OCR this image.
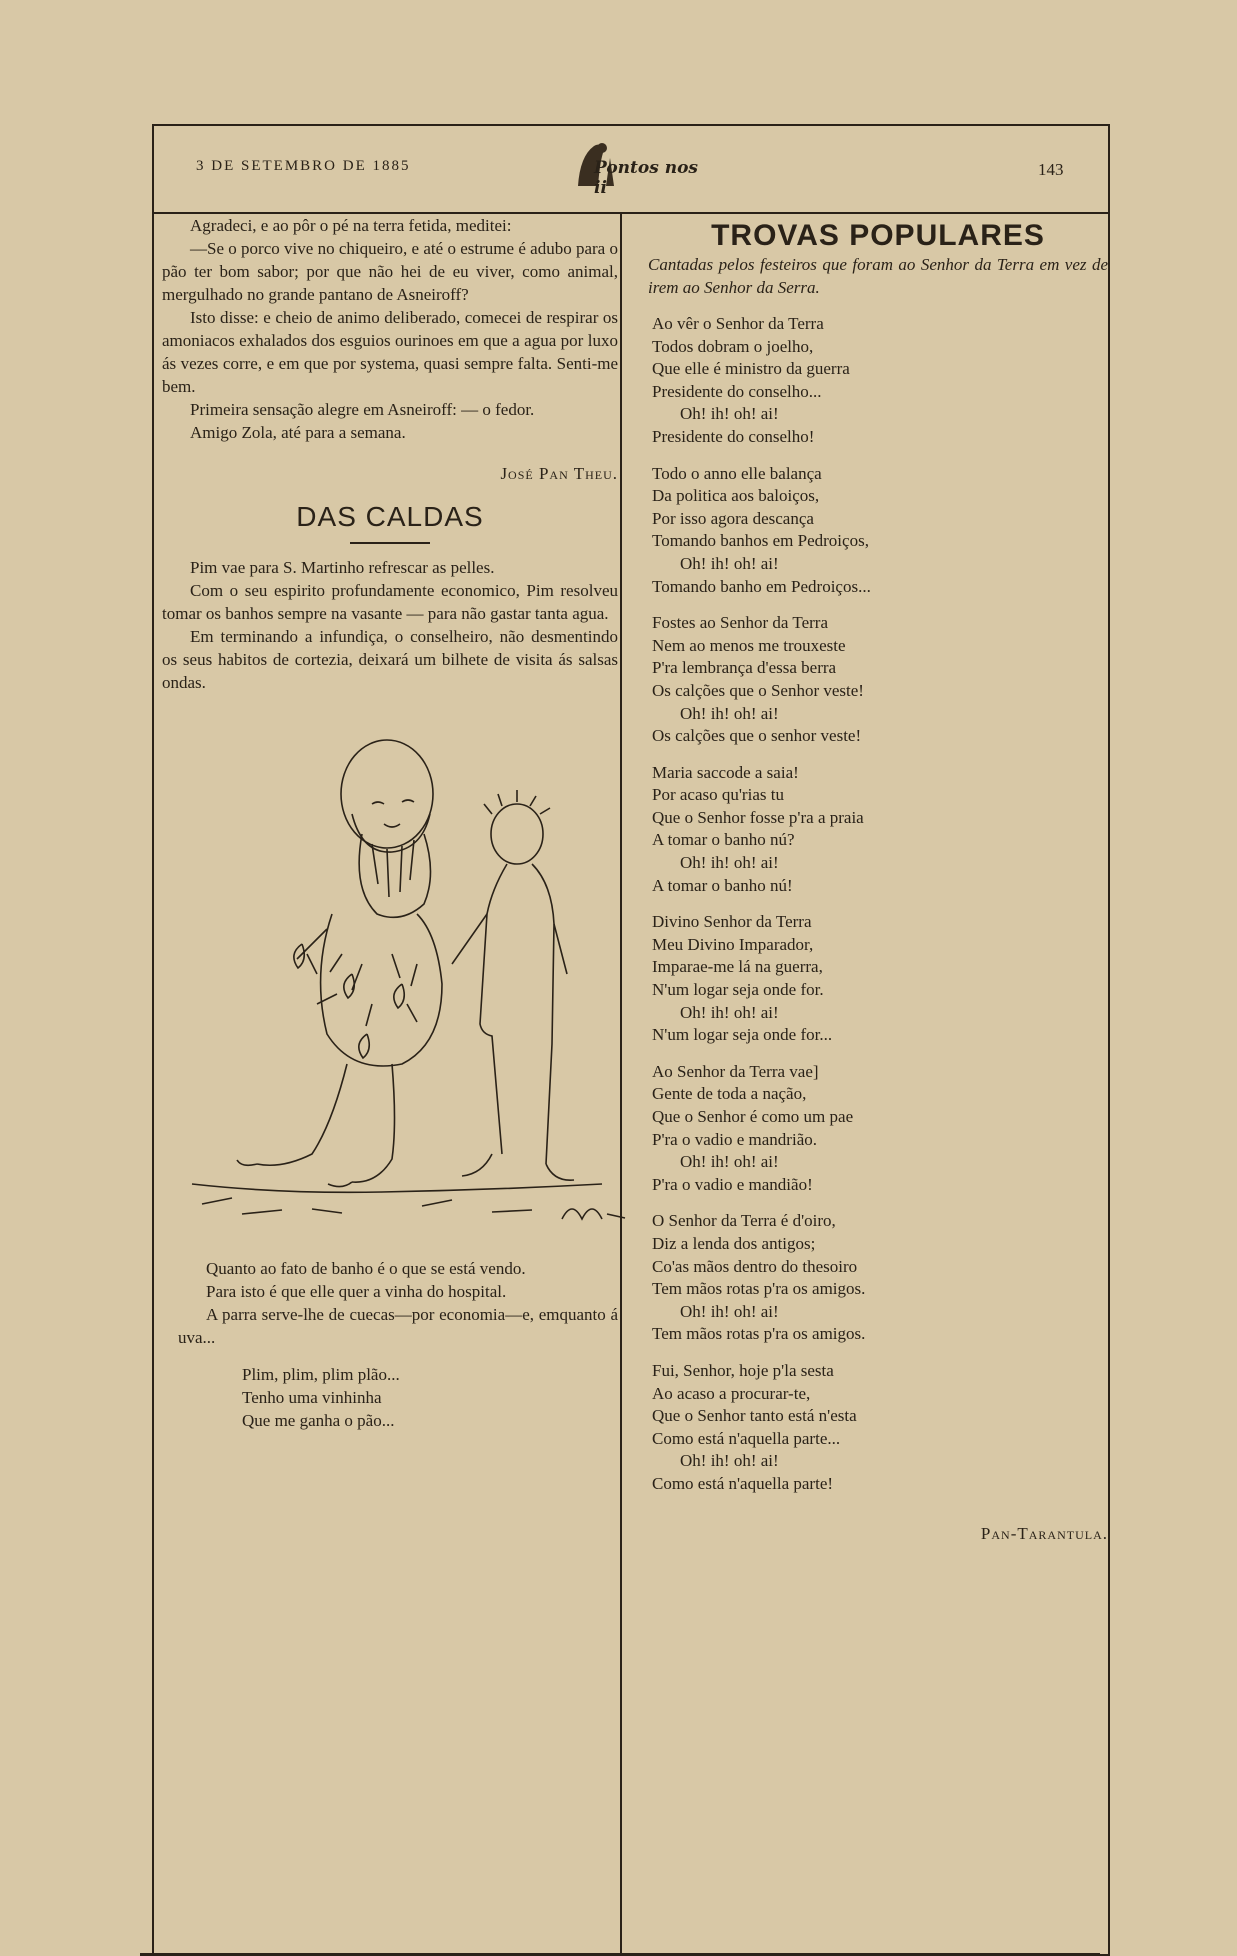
3 DE SETEMBRO DE 1885	Pontos nos ii
143

Agradeci, e ao pôr o pé na terra fetida, meditei:

—Se o porco vive no chiqueiro, e até o estrume é adubo para o pão ter bom sabor; por que não hei de eu viver, como animal, mergulhado no grande pantano de Asneiroff?

Isto disse: e cheio de animo deliberado, comecei de respirar os amoniacos exhalados dos esguios ourinoes em que a agua por luxo ás vezes corre, e em que por systema, quasi sempre falta. Senti-me bem.

Primeira sensação alegre em Asneiroff: — o fedor.

Amigo Zola, até para a semana.

José Pan Theu.

DAS CALDAS

Pim vae para S. Martinho refrescar as pelles.

Com o seu espirito profundamente economico, Pim resolveu tomar os banhos sempre na vasante — para não gastar tanta agua.

Em terminando a infundiça, o conselheiro, não desmentindo os seus habitos de cortezia, deixará um bilhete de visita ás salsas ondas.

Quanto ao fato de banho é o que se está vendo.

Para isto é que elle quer a vinha do hospital.

A parra serve-lhe de cuecas—por economia—e, emquanto á uva...

Plim, plim, plim plão...
Tenho uma vinhinha
Que me ganha o pão...
TROVAS POPULARES

Cantadas pelos festeiros que foram ao Senhor da Terra em vez de irem ao Senhor da Serra.

Ao vêr o Senhor da Terra
Todos dobram o joelho,
Que elle é ministro da guerra
Presidente do conselho...
Oh! ih! oh! ai!
Presidente do conselho!
Todo o anno elle balança
Da politica aos baloiços,
Por isso agora descança
Tomando banhos em Pedroiços,
Oh! ih! oh! ai!
Tomando banho em Pedroiços...
Fostes ao Senhor da Terra
Nem ao menos me trouxeste
P'ra lembrança d'essa berra
Os calções que o Senhor veste!
Oh! ih! oh! ai!
Os calções que o senhor veste!
Maria saccode a saia!
Por acaso qu'rias tu
Que o Senhor fosse p'ra a praia
A tomar o banho nú?
Oh! ih! oh! ai!
A tomar o banho nú!
Divino Senhor da Terra
Meu Divino Imparador,
Imparae-me lá na guerra,
N'um logar seja onde for.
Oh! ih! oh! ai!
N'um logar seja onde for...
Ao Senhor da Terra vae]
Gente de toda a nação,
Que o Senhor é como um pae
P'ra o vadio e mandrião.
Oh! ih! oh! ai!
P'ra o vadio e mandião!
O Senhor da Terra é d'oiro,
Diz a lenda dos antigos;
Co'as mãos dentro do thesoiro
Tem mãos rotas p'ra os amigos.
Oh! ih! oh! ai!
Tem mãos rotas p'ra os amigos.
Fui, Senhor, hoje p'la sesta
Ao acaso a procurar-te,
Que o Senhor tanto está n'esta
Como está n'aquella parte...
Oh! ih! oh! ai!
Como está n'aquella parte!

Pan-Tarantula.
